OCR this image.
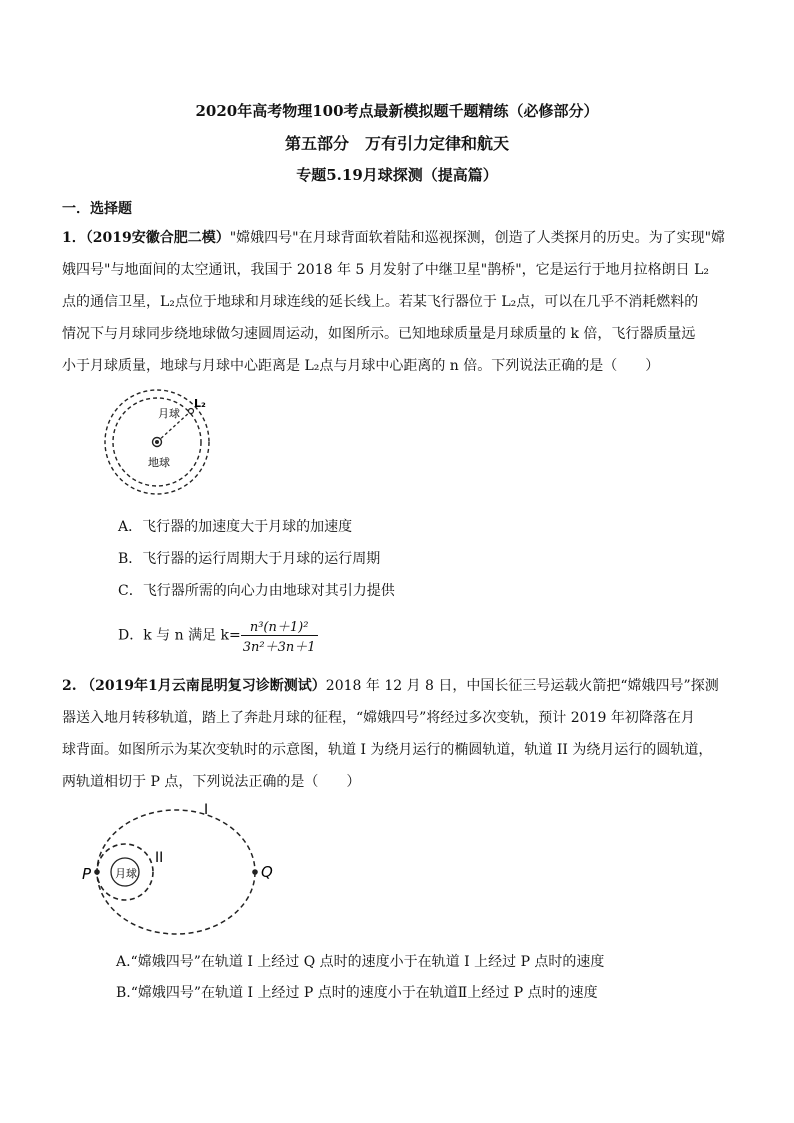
2020年高考物理100考点最新模拟题千题精练（必修部分）
第五部分　万有引力定律和航天
专题5.19月球探测（提高篇）
一．选择题
1．（2019安徽合肥二模）"嫦娥四号"在月球背面软着陆和巡视探测，创造了人类探月的历史。为了实现"嫦
娥四号"与地面间的太空通讯，我国于 2018 年 5 月发射了中继卫星"鹊桥"，它是运行于地月拉格朗日 L₂
点的通信卫星，L₂点位于地球和月球连线的延长线上。若某飞行器位于 L₂点，可以在几乎不消耗燃料的
情况下与月球同步绕地球做匀速圆周运动，如图所示。已知地球质量是月球质量的 k 倍，飞行器质量远
小于月球质量，地球与月球中心距离是 L₂点与月球中心距离的 n 倍。下列说法正确的是（　　）
月球
地球
L₂
A．飞行器的加速度大于月球的加速度
B．飞行器的运行周期大于月球的运行周期
C．飞行器所需的向心力由地球对其引力提供
D．k 与 n 满足 $k= \frac{\text{n³(n＋1)²}}{\text{3n²＋3n＋1}}$
2. （2019年1月云南昆明复习诊断测试）2018 年 12 月 8 日，中国长征三号运载火箭把“嫦娥四号”探测
器送入地月转移轨道，踏上了奔赴月球的征程，“嫦娥四号”将经过多次变轨，预计 2019 年初降落在月
球背面。如图所示为某次变轨时的示意图，轨道 I 为绕月运行的椭圆轨道，轨道 II 为绕月运行的圆轨道，
两轨道相切于 P 点，下列说法正确的是（　　）
月球
P	Q
I
II
A.“嫦娥四号”在轨道 I 上经过 Q 点时的速度小于在轨道 I 上经过 P 点时的速度
B.“嫦娥四号”在轨道 I 上经过 P 点时的速度小于在轨道Ⅱ上经过 P 点时的速度
